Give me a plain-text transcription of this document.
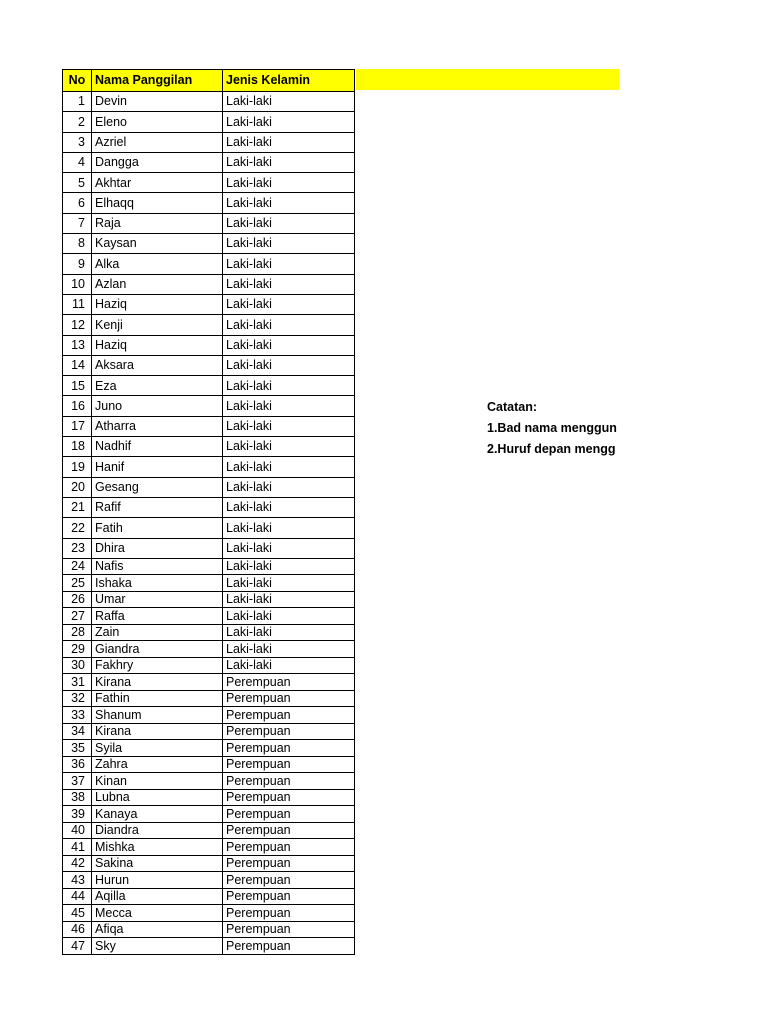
No	Nama Panggilan	Jenis Kelamin
1	Devin	Laki-laki
2	Eleno	Laki-laki
3	Azriel	Laki-laki
4	Dangga	Laki-laki
5	Akhtar	Laki-laki
6	Elhaqq	Laki-laki
7	Raja	Laki-laki
8	Kaysan	Laki-laki
9	Alka	Laki-laki
10	Azlan	Laki-laki
11	Haziq	Laki-laki
12	Kenji	Laki-laki
13	Haziq	Laki-laki
14	Aksara	Laki-laki
15	Eza	Laki-laki
16	Juno	Laki-laki
17	Atharra	Laki-laki
18	Nadhif	Laki-laki
19	Hanif	Laki-laki
20	Gesang	Laki-laki
21	Rafif	Laki-laki
22	Fatih	Laki-laki
23	Dhira	Laki-laki
24	Nafis	Laki-laki
25	Ishaka	Laki-laki
26	Umar	Laki-laki
27	Raffa	Laki-laki
28	Zain	Laki-laki
29	Giandra	Laki-laki
30	Fakhry	Laki-laki
31	Kirana	Perempuan
32	Fathin	Perempuan
33	Shanum	Perempuan
34	Kirana	Perempuan
35	Syila	Perempuan
36	Zahra	Perempuan
37	Kinan	Perempuan
38	Lubna	Perempuan
39	Kanaya	Perempuan
40	Diandra	Perempuan
41	Mishka	Perempuan
42	Sakina	Perempuan
43	Hurun	Perempuan
44	Aqilla	Perempuan
45	Mecca	Perempuan
46	Afiqa	Perempuan
47	Sky	Perempuan
Catatan:
1.Bad nama menggun
2.Huruf depan mengg
